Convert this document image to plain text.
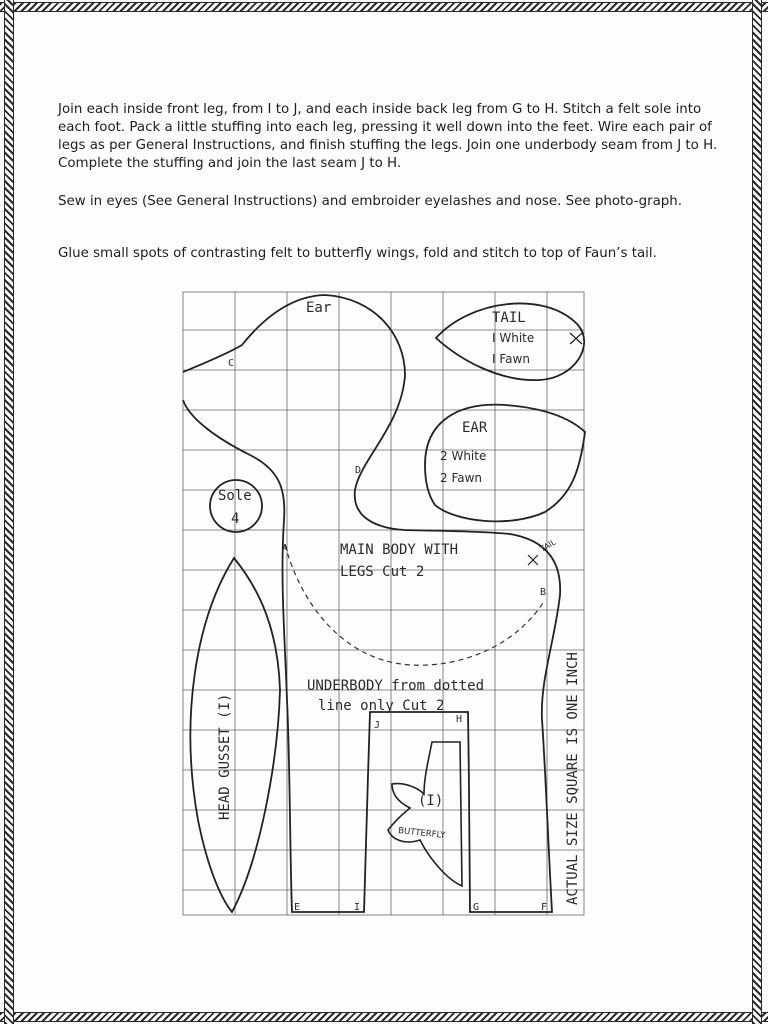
Join each inside front leg, from I to J, and each inside back leg from G to H. Stitch a felt sole into each foot. Pack a little stuffing into each leg, pressing it well down into the feet. Wire each pair of legs as per General Instructions, and finish stuffing the legs. Join one underbody seam from J to H. Complete the stuffing and join the last seam J to H.

Sew in eyes (See General Instructions) and embroider eyelashes and nose. See photo-graph.

Glue small spots of contrasting felt to butterfly wings, fold and stitch to top of Faun’s tail.

Ear
TAIL
I White
I Fawn
EAR
2 White
2 Fawn
Sole
4
MAIN BODY WITH
LEGS Cut 2
UNDERBODY from dotted
line only Cut 2
HEAD GUSSET (I)	(I)
BUTTERFLY
TAIL
ACTUAL SIZE SQUARE IS ONE INCH
A
B
C
D
E	F
G
H
I
J
